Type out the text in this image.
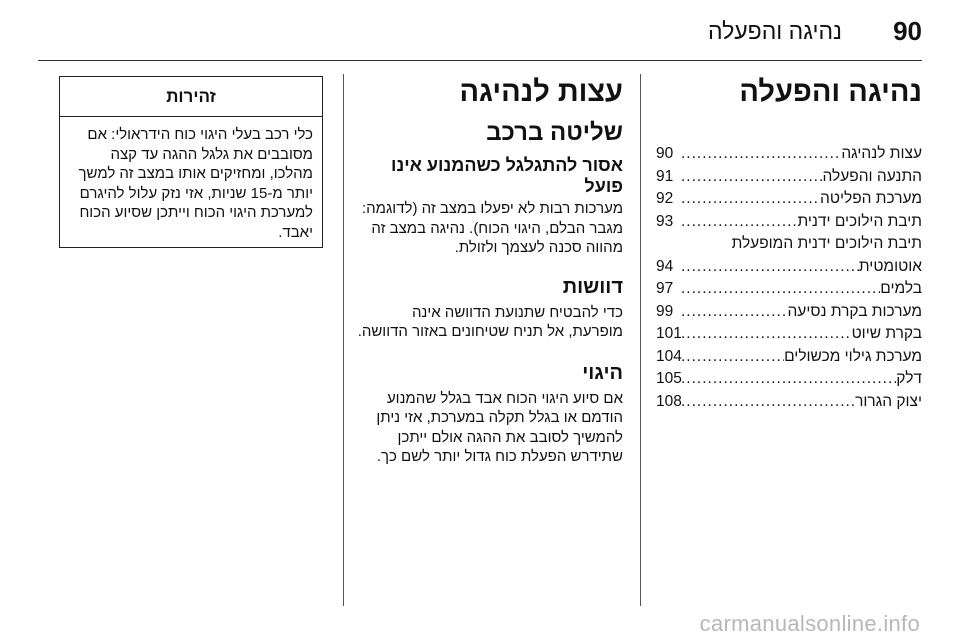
90
נהיגה והפעלה
נהיגה והפעלה
עצות לנהיגה
.....
90
התנעה והפעלה
.....
91
מערכת הפליטה
.....
92
תיבת הילוכים ידנית
.....
93
תיבת הילוכים ידנית המופעלת
אוטומטית
.....
94
בלמים
.....
97
מערכות בקרת נסיעה
.....
99
בקרת שיוט
.....
101
מערכת גילוי מכשולים
.....
104
דלק
.....
105
יצוק הגרור
.....
108
עצות לנהיגה
שליטה ברכב
אסור להתגלגל כשהמנוע אינו פועל

מערכות רבות לא יפעלו במצב זה (לדוגמה: מגבר הבלם, היגוי הכוח). נהיגה במצב זה מהווה סכנה לעצמך ולזולת.

דוושות

כדי להבטיח שתנועת הדוושה אינה מופרעת, אל תניח שטיחונים באזור הדוושה.

היגוי

אם סיוע היגוי הכוח אבד בגלל שהמנוע הודמם או בגלל תקלה במערכת, אזי ניתן להמשיך לסובב את ההגה אולם ייתכן שתידרש הפעלת כוח גדול יותר לשם כך.

זהירות

כלי רכב בעלי היגוי כוח הידראולי: אם מסובבים את גלגל ההגה עד קצה מהלכו, ומחזיקים אותו במצב זה למשך יותר מ-15 שניות, אזי נזק עלול להיגרם למערכת היגוי הכוח וייתכן שסיוע הכוח יאבד.

carmanualsonline.info
